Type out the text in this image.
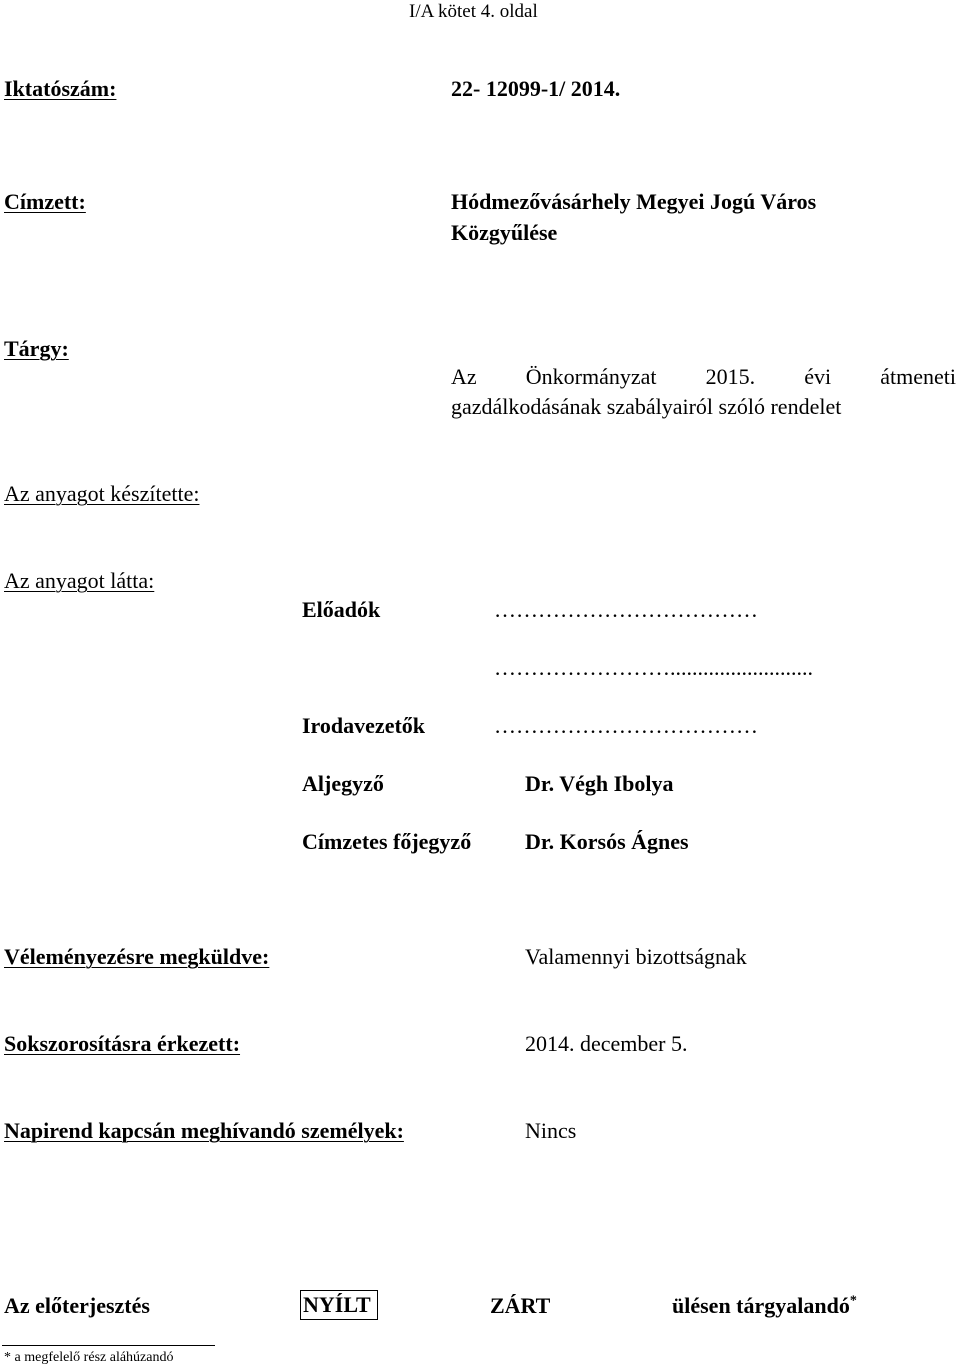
I/A kötet 4. oldal
Iktatószám:	22- 12099-1/ 2014.
Címzett:	Hódmezővásárhely Megyei Jogú Város
Közgyűlése
Tárgy:
Az Önkormányzat 2015. évi átmeneti
gazdálkodásának szabályairól szóló rendelet
Az anyagot készítette:
Az anyagot látta:
Előadók	………………………………
……………………..........................
Irodavezetők	………………………………
Aljegyző	Dr. Végh Ibolya
Címzetes főjegyző Dr. Korsós Ágnes
Véleményezésre megküldve:	Valamennyi bizottságnak
Sokszorosításra érkezett:	2014. december 5.
Napirend kapcsán meghívandó személyek:	Nincs
Az előterjesztés	NYÍLT	ZÁRT	ülésen tárgyalandó*
* a megfelelő rész aláhúzandó
